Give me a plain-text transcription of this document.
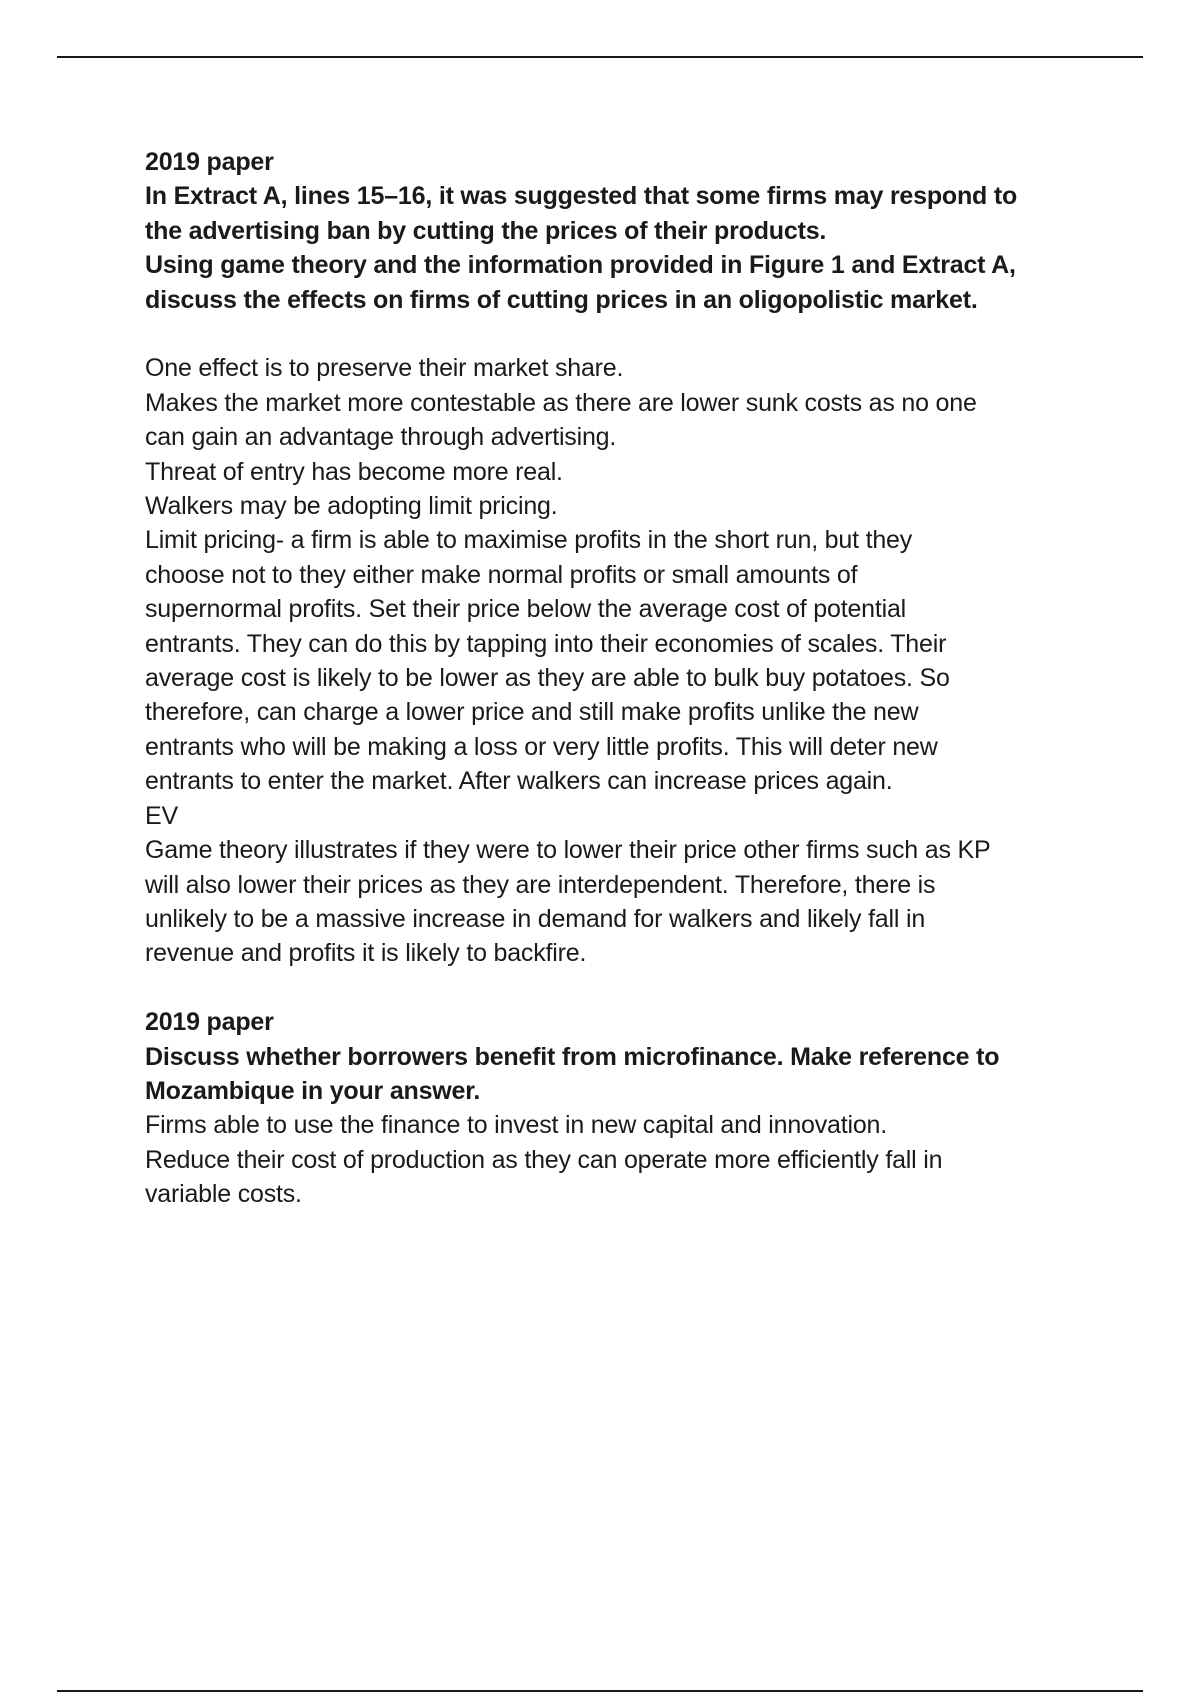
2019 paper

In Extract A, lines 15–16, it was suggested that some firms may respond to

the advertising ban by cutting the prices of their products.

Using game theory and the information provided in Figure 1 and Extract A,

discuss the effects on firms of cutting prices in an oligopolistic market.

One effect is to preserve their market share.

Makes the market more contestable as there are lower sunk costs as no one

can gain an advantage through advertising.

Threat of entry has become more real.

Walkers may be adopting limit pricing.

Limit pricing- a firm is able to maximise profits in the short run, but they

choose not to they either make normal profits or small amounts of

supernormal profits. Set their price below the average cost of potential

entrants. They can do this by tapping into their economies of scales. Their

average cost is likely to be lower as they are able to bulk buy potatoes. So

therefore, can charge a lower price and still make profits unlike the new

entrants who will be making a loss or very little profits. This will deter new

entrants to enter the market. After walkers can increase prices again.

EV

Game theory illustrates if they were to lower their price other firms such as KP

will also lower their prices as they are interdependent. Therefore, there is

unlikely to be a massive increase in demand for walkers and likely fall in

revenue and profits it is likely to backfire.

2019 paper

Discuss whether borrowers benefit from microfinance. Make reference to

Mozambique in your answer.

Firms able to use the finance to invest in new capital and innovation.

Reduce their cost of production as they can operate more efficiently fall in

variable costs.
